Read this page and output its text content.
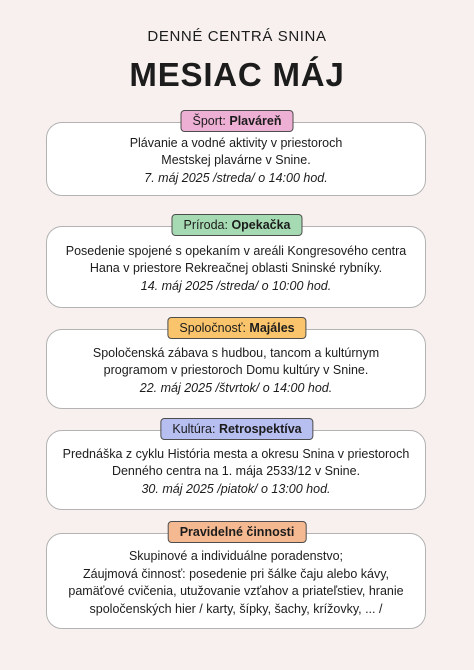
DENNÉ CENTRÁ SNINA
MESIAC MÁJ
Plávanie a vodné aktivity v priestoroch
Mestskej plavárne v Snine.
7. máj 2025 /streda/ o 14:00 hod.
Šport: Plaváreň
Posedenie spojené s opekaním v areáli Kongresového centra
Hana v priestore Rekreačnej oblasti Sninské rybníky.
14. máj 2025 /streda/ o 10:00 hod.
Príroda: Opekačka
Spoločenská zábava s hudbou, tancom a kultúrnym
programom v priestoroch Domu kultúry v Snine.
22. máj 2025 /štvrtok/ o 14:00 hod.
Spoločnosť: Majáles
Prednáška z cyklu História mesta a okresu Snina v priestoroch
Denného centra na 1. mája 2533/12 v Snine.
30. máj 2025 /piatok/ o 13:00 hod.
Kultúra: Retrospektíva
Skupinové a individuálne poradenstvo;
Záujmová činnosť: posedenie pri šálke čaju alebo kávy,
pamäťové cvičenia, utužovanie vzťahov a priateľstiev, hranie
spoločenských hier / karty, šípky, šachy, krížovky, ... /
Pravidelné činnosti
